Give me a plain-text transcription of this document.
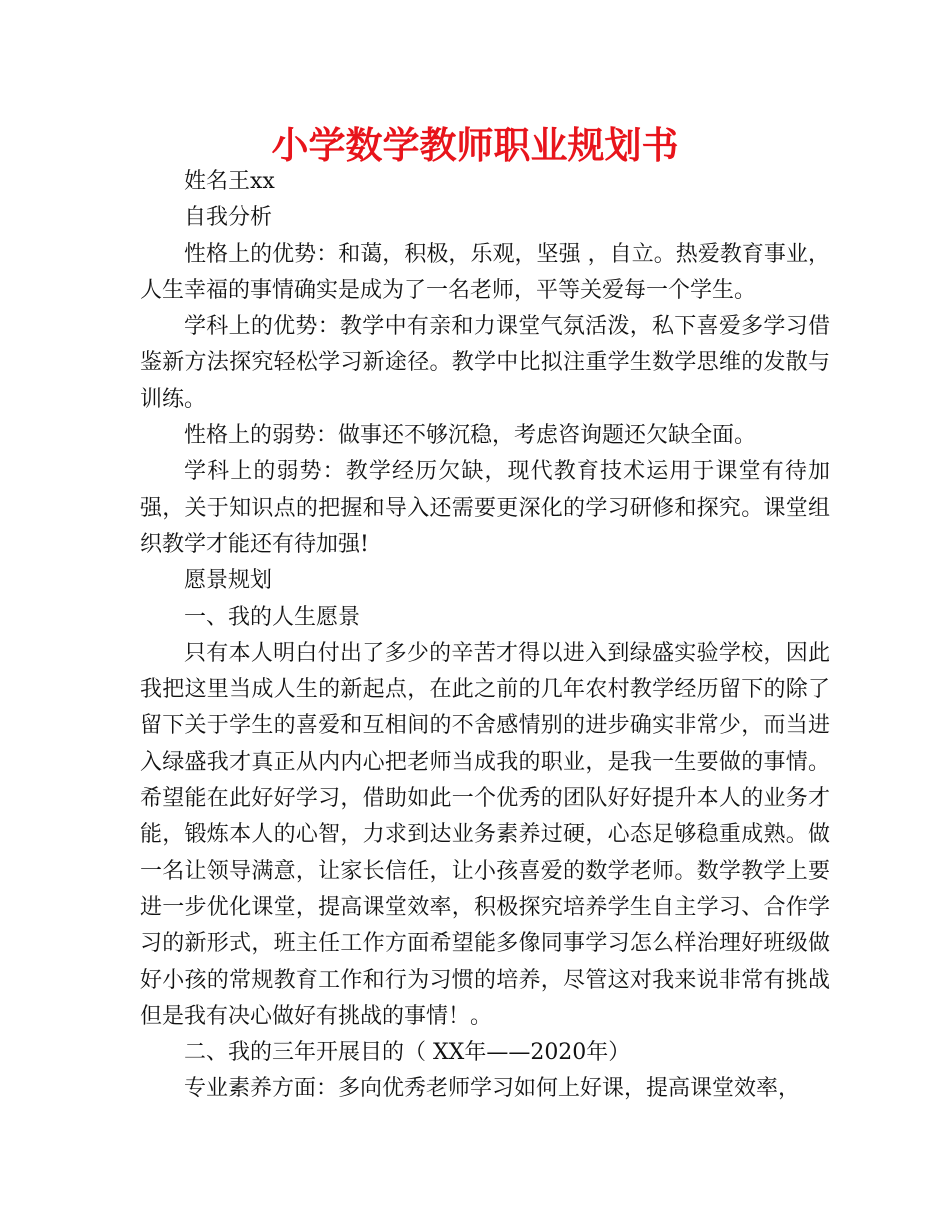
小学数学教师职业规划书

姓名王xx

自我分析

性格上的优势：和蔼，积极，乐观，坚强 ，自立。热爱教育事业，人生幸福的事情确实是成为了一名老师，平等关爱每一个学生。

学科上的优势：教学中有亲和力课堂气氛活泼，私下喜爱多学习借鉴新方法探究轻松学习新途径。教学中比拟注重学生数学思维的发散与训练。

性格上的弱势：做事还不够沉稳，考虑咨询题还欠缺全面。

学科上的弱势：教学经历欠缺，现代教育技术运用于课堂有待加强，关于知识点的把握和导入还需要更深化的学习研修和探究。课堂组织教学才能还有待加强!

愿景规划

一、我的人生愿景

只有本人明白付出了多少的辛苦才得以进入到绿盛实验学校，因此我把这里当成人生的新起点，在此之前的几年农村教学经历留下的除了留下关于学生的喜爱和互相间的不舍感情别的进步确实非常少，而当进入绿盛我才真正从内内心把老师当成我的职业，是我一生要做的事情。希望能在此好好学习，借助如此一个优秀的团队好好提升本人的业务才能，锻炼本人的心智，力求到达业务素养过硬，心态足够稳重成熟。做一名让领导满意，让家长信任，让小孩喜爱的数学老师。数学教学上要进一步优化课堂，提高课堂效率，积极探究培养学生自主学习、合作学习的新形式，班主任工作方面希望能多像同事学习怎么样治理好班级做好小孩的常规教育工作和行为习惯的培养，尽管这对我来说非常有挑战但是我有决心做好有挑战的事情！。

二、我的三年开展目的（ XX年——2020年）

专业素养方面：多向优秀老师学习如何上好课，提高课堂效率，
